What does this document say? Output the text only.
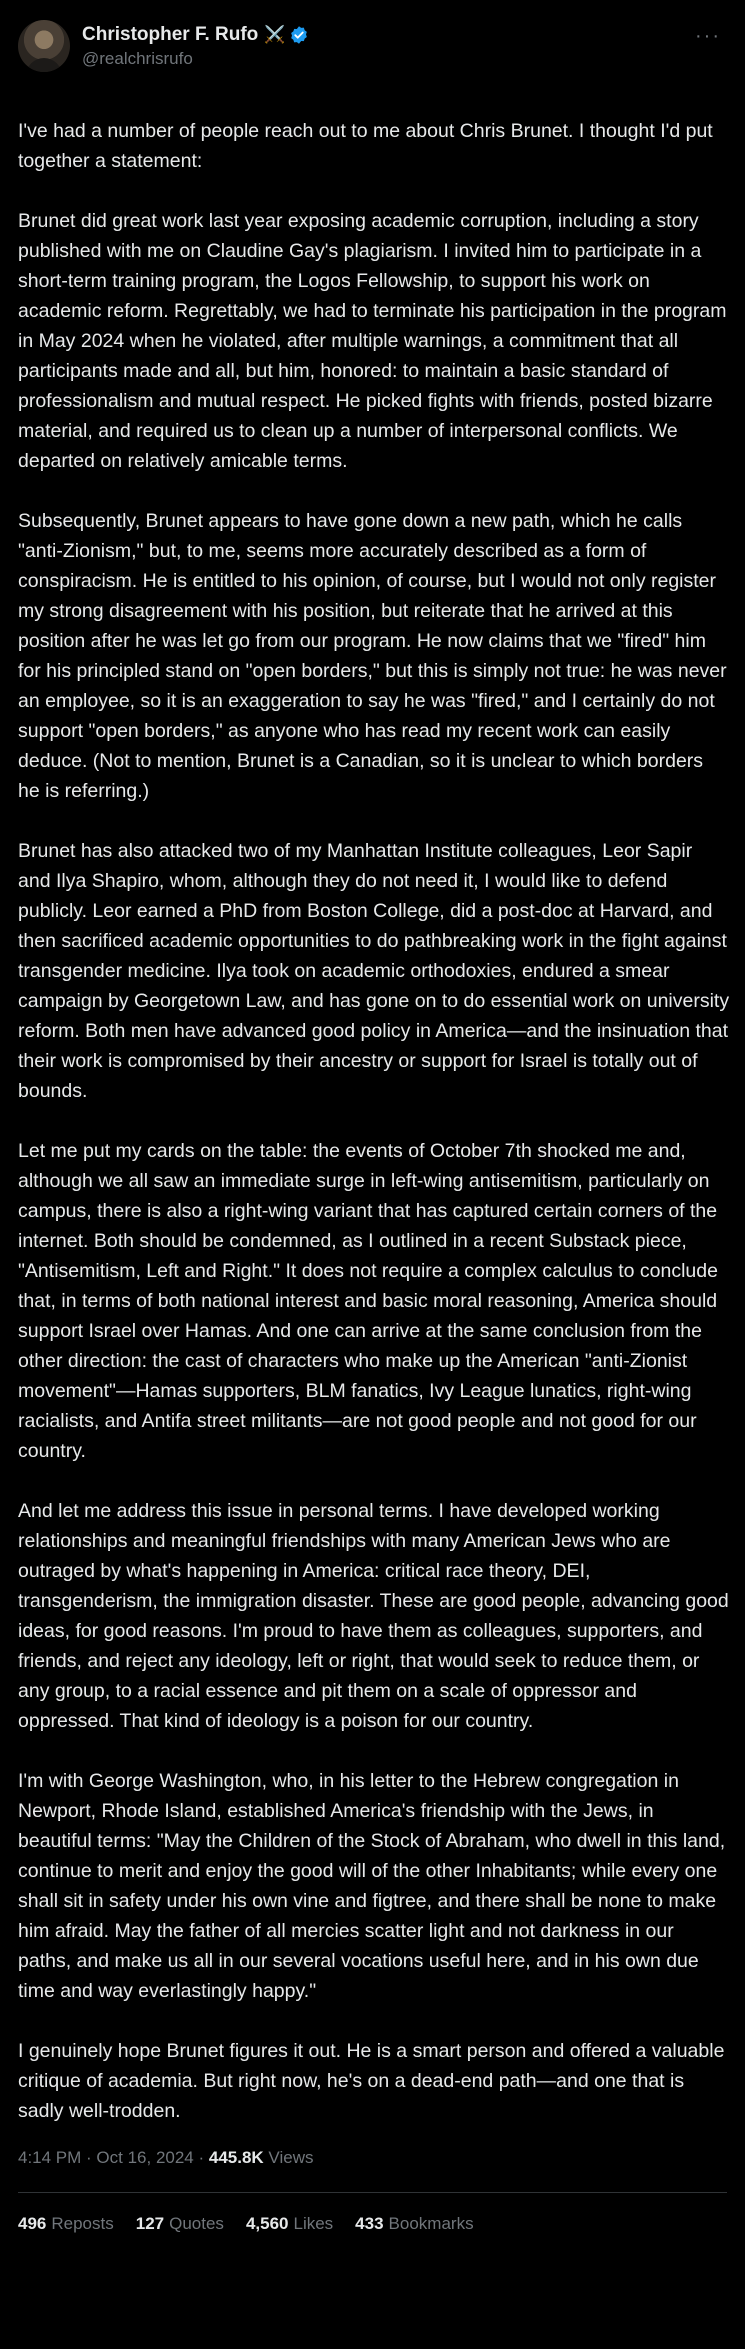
Christopher F. Rufo ⚔️
@realchrisrufo
···

I've had a number of people reach out to me about Chris Brunet. I thought I'd put together a statement:

Brunet did great work last year exposing academic corruption, including a story published with me on Claudine Gay's plagiarism. I invited him to participate in a short-term training program, the Logos Fellowship, to support his work on academic reform. Regrettably, we had to terminate his participation in the program in May 2024 when he violated, after multiple warnings, a commitment that all participants made and all, but him, honored: to maintain a basic standard of professionalism and mutual respect. He picked fights with friends, posted bizarre material, and required us to clean up a number of interpersonal conflicts. We departed on relatively amicable terms.

Subsequently, Brunet appears to have gone down a new path, which he calls "anti-Zionism," but, to me, seems more accurately described as a form of conspiracism. He is entitled to his opinion, of course, but I would not only register my strong disagreement with his position, but reiterate that he arrived at this position after he was let go from our program. He now claims that we "fired" him for his principled stand on "open borders," but this is simply not true: he was never an employee, so it is an exaggeration to say he was "fired," and I certainly do not support "open borders," as anyone who has read my recent work can easily deduce. (Not to mention, Brunet is a Canadian, so it is unclear to which borders he is referring.)

Brunet has also attacked two of my Manhattan Institute colleagues, Leor Sapir and Ilya Shapiro, whom, although they do not need it, I would like to defend publicly. Leor earned a PhD from Boston College, did a post-doc at Harvard, and then sacrificed academic opportunities to do pathbreaking work in the fight against transgender medicine. Ilya took on academic orthodoxies, endured a smear campaign by Georgetown Law, and has gone on to do essential work on university reform. Both men have advanced good policy in America—and the insinuation that their work is compromised by their ancestry or support for Israel is totally out of bounds.

Let me put my cards on the table: the events of October 7th shocked me and, although we all saw an immediate surge in left-wing antisemitism, particularly on campus, there is also a right-wing variant that has captured certain corners of the internet. Both should be condemned, as I outlined in a recent Substack piece, "Antisemitism, Left and Right." It does not require a complex calculus to conclude that, in terms of both national interest and basic moral reasoning, America should support Israel over Hamas. And one can arrive at the same conclusion from the other direction: the cast of characters who make up the American "anti-Zionist movement"—Hamas supporters, BLM fanatics, Ivy League lunatics, right-wing racialists, and Antifa street militants—are not good people and not good for our country.

And let me address this issue in personal terms. I have developed working relationships and meaningful friendships with many American Jews who are outraged by what's happening in America: critical race theory, DEI, transgenderism, the immigration disaster. These are good people, advancing good ideas, for good reasons. I'm proud to have them as colleagues, supporters, and friends, and reject any ideology, left or right, that would seek to reduce them, or any group, to a racial essence and pit them on a scale of oppressor and oppressed. That kind of ideology is a poison for our country.

I'm with George Washington, who, in his letter to the Hebrew congregation in Newport, Rhode Island, established America's friendship with the Jews, in beautiful terms: "May the Children of the Stock of Abraham, who dwell in this land, continue to merit and enjoy the good will of the other Inhabitants; while every one shall sit in safety under his own vine and figtree, and there shall be none to make him afraid. May the father of all mercies scatter light and not darkness in our paths, and make us all in our several vocations useful here, and in his own due time and way everlastingly happy."

I genuinely hope Brunet figures it out. He is a smart person and offered a valuable critique of academia. But right now, he's on a dead-end path—and one that is sadly well-trodden.

4:14 PM · Oct 16, 2024 · 445.8K Views
496 Reposts 127 Quotes 4,560 Likes 433 Bookmarks
